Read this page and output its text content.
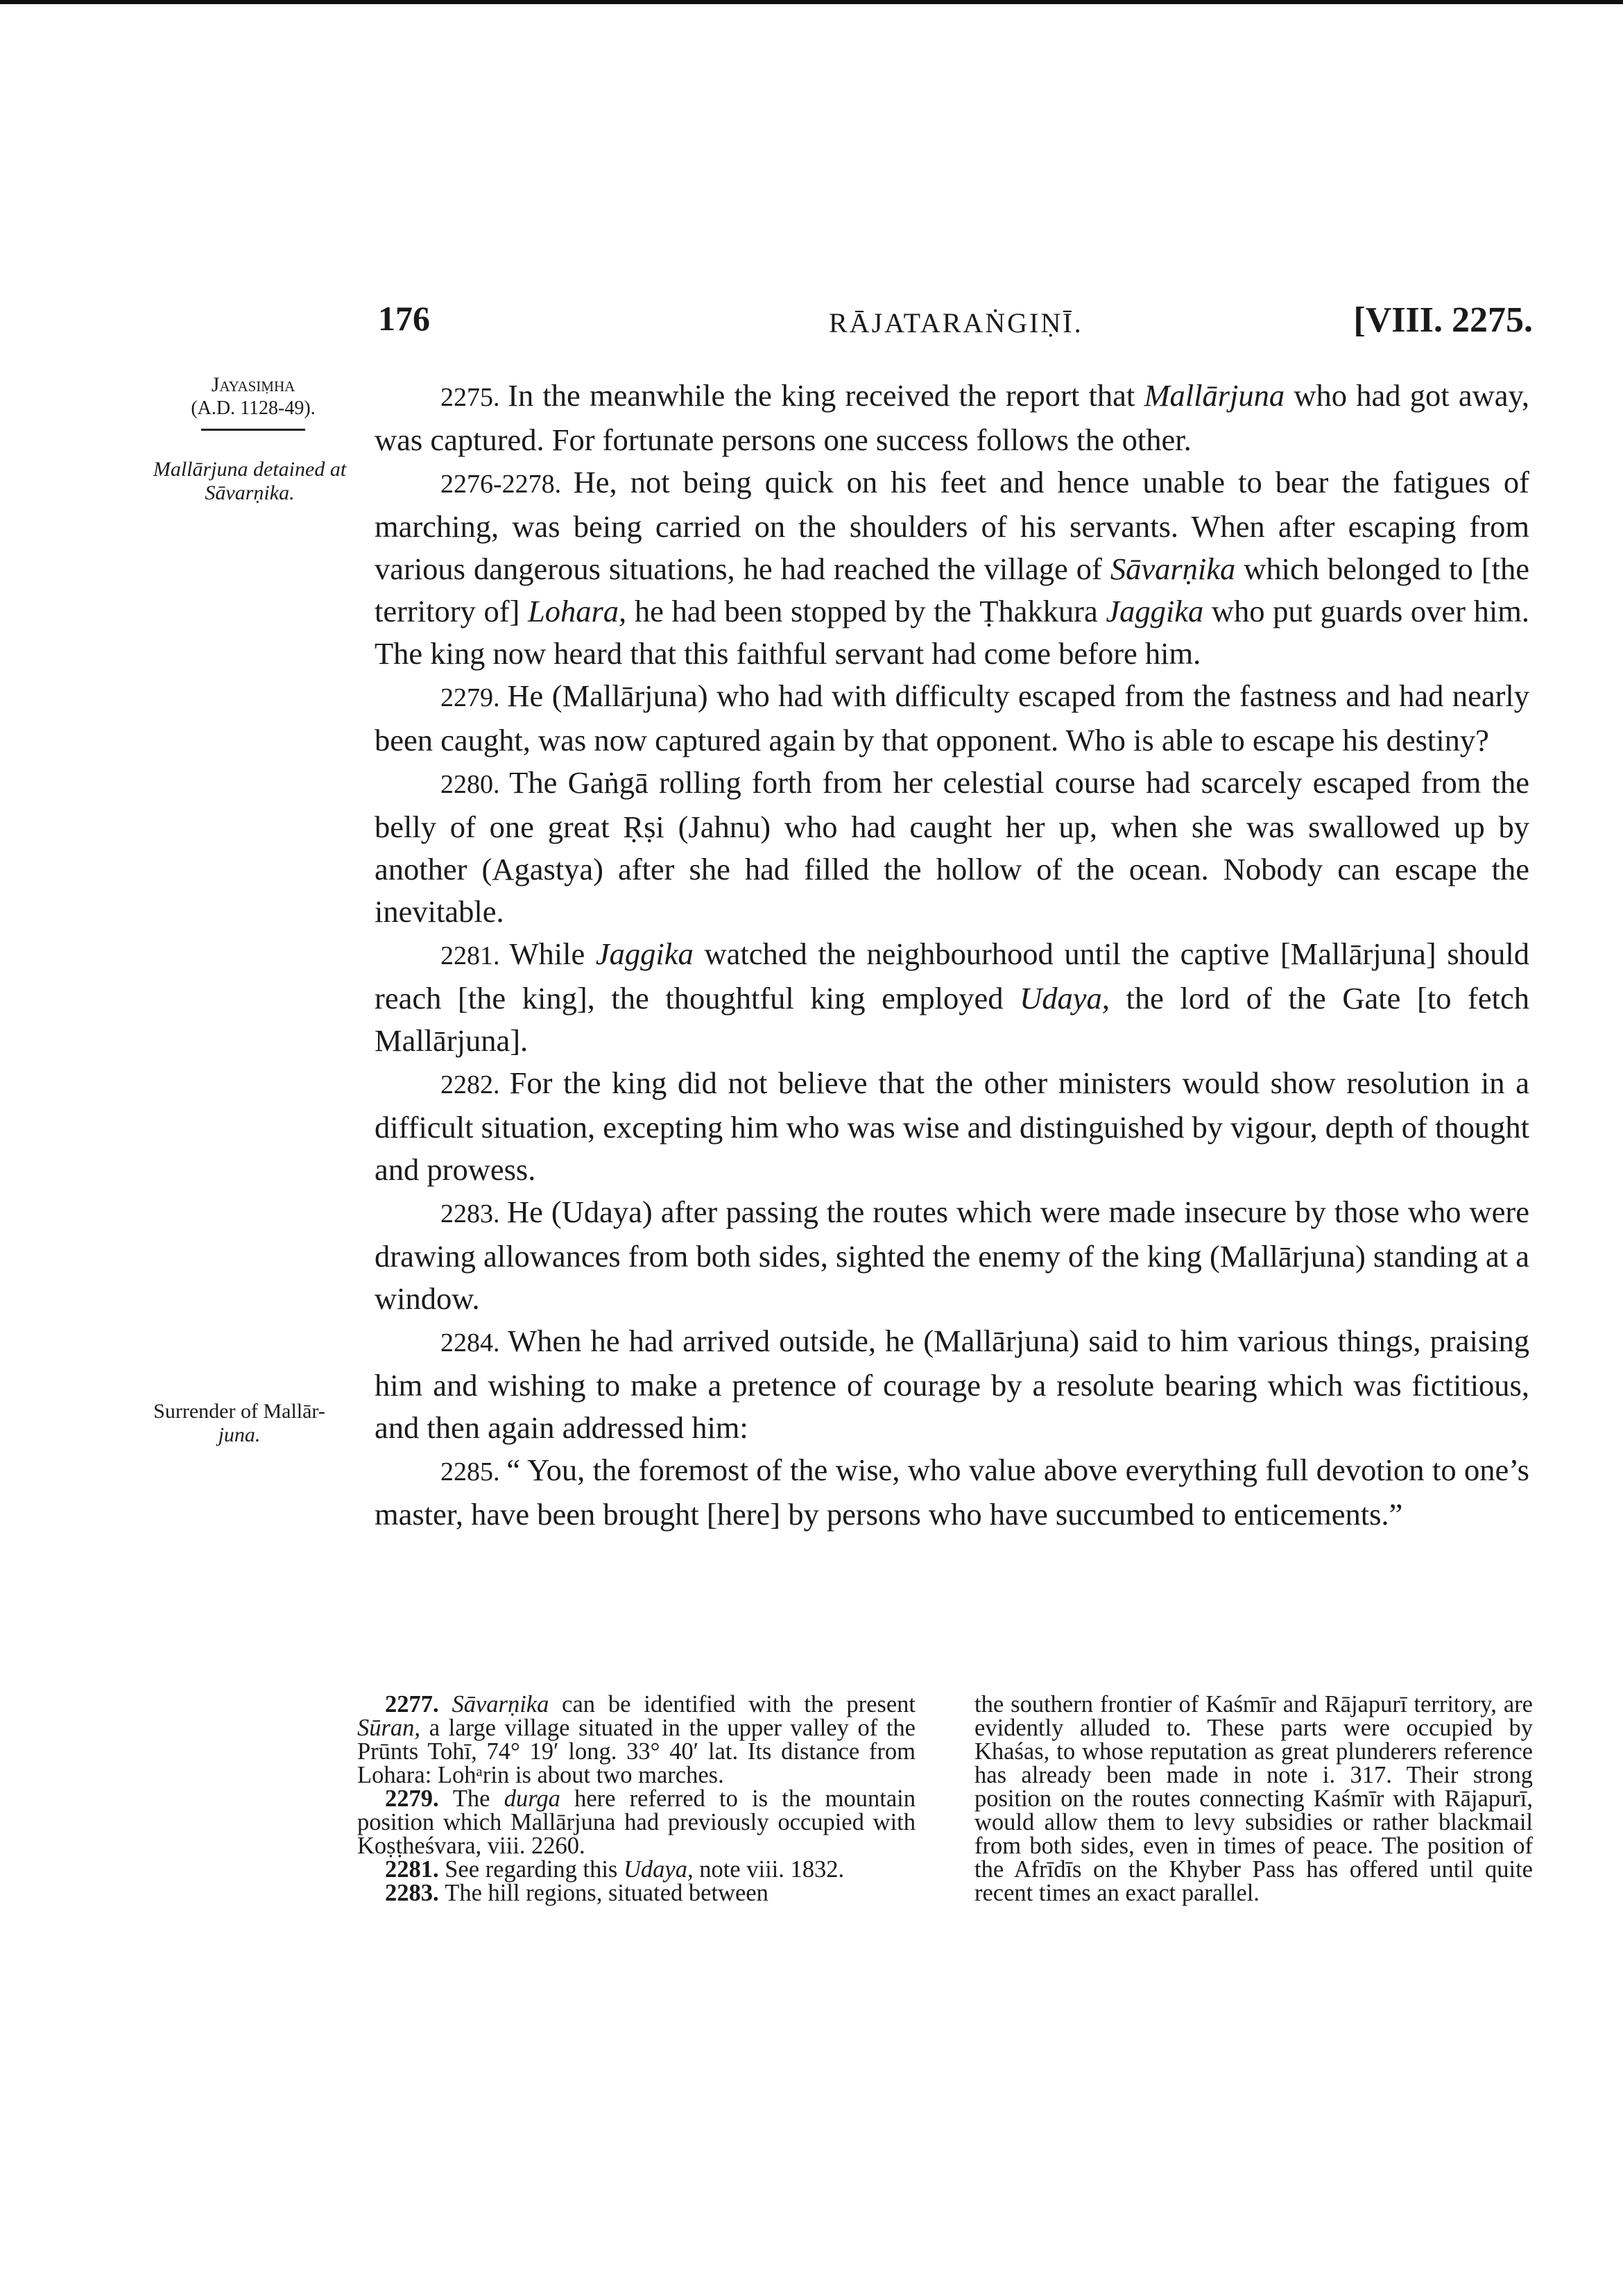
176	RĀJATARAṄGIṆĪ.	[VIII. 2275.
Jayasiṃha
(A.D. 1128-49).
Mallārjuna detained at
Sāvarṇika.
Surrender of Mallār-
juna.

2275. In the meanwhile the king received the report that Mallārjuna who had got away, was captured. For fortunate persons one success follows the other.

2276-2278. He, not being quick on his feet and hence unable to bear the fatigues of marching, was being carried on the shoulders of his servants. When after escaping from various dangerous situations, he had reached the village of Sāvarṇika which belonged to [the territory of] Lohara, he had been stopped by the Ṭhakkura Jaggika who put guards over him. The king now heard that this faithful servant had come before him.

2279. He (Mallārjuna) who had with difficulty escaped from the fastness and had nearly been caught, was now captured again by that opponent. Who is able to escape his destiny?

2280. The Gaṅgā rolling forth from her celestial course had scarcely escaped from the belly of one great Ṛṣi (Jahnu) who had caught her up, when she was swallowed up by another (Agastya) after she had filled the hollow of the ocean. Nobody can escape the inevitable.

2281. While Jaggika watched the neighbourhood until the captive [Mallārjuna] should reach [the king], the thoughtful king employed Udaya, the lord of the Gate [to fetch Mallārjuna].

2282. For the king did not believe that the other ministers would show resolution in a difficult situation, excepting him who was wise and distinguished by vigour, depth of thought and prowess.

2283. He (Udaya) after passing the routes which were made insecure by those who were drawing allowances from both sides, sighted the enemy of the king (Mallārjuna) standing at a window.

2284. When he had arrived outside, he (Mallārjuna) said to him various things, praising him and wishing to make a pretence of courage by a resolute bearing which was fictitious, and then again addressed him:

2285. “ You, the foremost of the wise, who value above everything full devotion to one’s master, have been brought [here] by persons who have succumbed to enticements.”

2277. Sāvarṇika can be identified with the present Sūran, a large village situated in the upper valley of the Prūnts Tohī, 74° 19′ long. 33° 40′ lat. Its distance from Lohara: Lohᵃrin is about two marches.

2279. The durga here referred to is the mountain position which Mallārjuna had previously occupied with Koṣṭheśvara, viii. 2260.

2281. See regarding this Udaya, note viii. 1832.

2283. The hill regions, situated between

the southern frontier of Kaśmīr and Rājapurī territory, are evidently alluded to. These parts were occupied by Khaśas, to whose reputation as great plunderers reference has already been made in note i. 317. Their strong position on the routes connecting Kaśmīr with Rājapurī, would allow them to levy subsidies or rather blackmail from both sides, even in times of peace. The position of the Afrīdīs on the Khyber Pass has offered until quite recent times an exact parallel.
